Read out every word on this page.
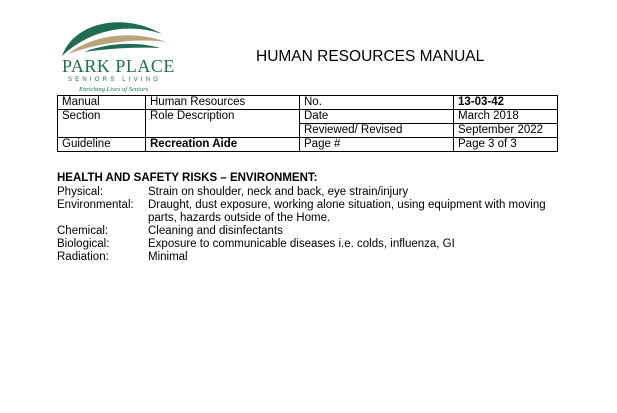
PARK PLACE
SENIORS LIVING
Enriching Lives of Seniors
HUMAN RESOURCES MANUAL
Manual	Human Resources	No.	13-03-42
Section	Role Description	Date	March 2018
		Reviewed/ Revised	September 2022
Guideline	Recreation Aide	Page #	Page 3 of 3
HEALTH AND SAFETY RISKS – ENVIRONMENT:
Physical:	Strain on shoulder, neck and back, eye strain/injury
Environmental:	Draught, dust exposure, working alone situation, using equipment with moving parts, hazards outside of the Home.
Chemical:	Cleaning and disinfectants
Biological:	Exposure to communicable diseases i.e. colds, influenza, GI
Radiation:	Minimal
